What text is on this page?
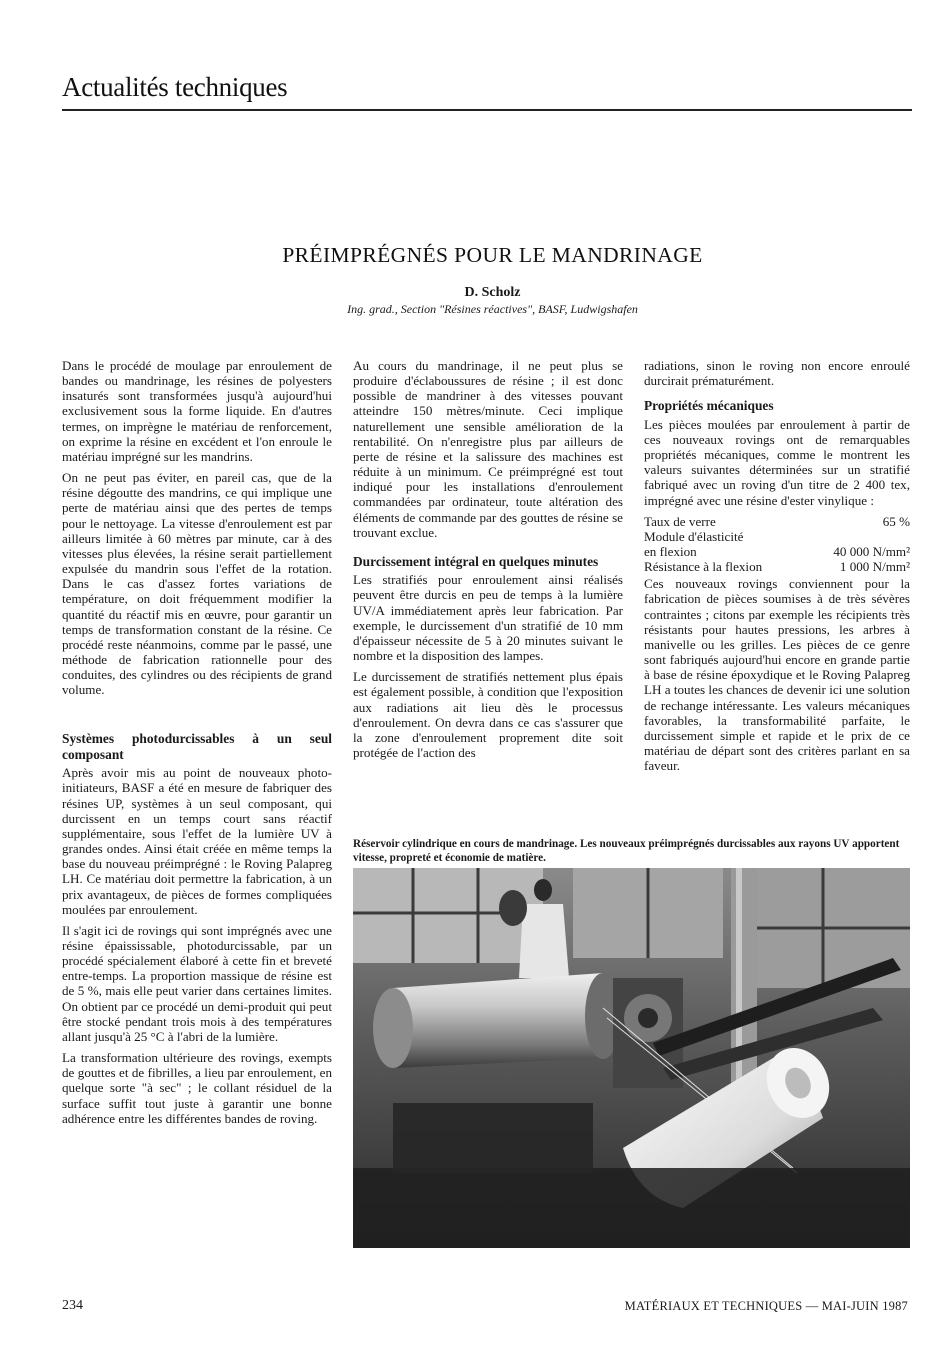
Actualités techniques
PRÉIMPRÉGNÉS POUR LE MANDRINAGE
D. Scholz
Ing. grad., Section "Résines réactives", BASF, Ludwigshafen

Dans le procédé de moulage par enroulement de bandes ou mandrinage, les résines de polyesters insaturés sont transformées jusqu'à aujourd'hui exclusivement sous la forme liquide. En d'autres termes, on imprègne le matériau de renforcement, on exprime la résine en excédent et l'on enroule le matériau imprégné sur les mandrins.

On ne peut pas éviter, en pareil cas, que de la résine dégoutte des mandrins, ce qui implique une perte de matériau ainsi que des pertes de temps pour le nettoyage. La vitesse d'enroulement est par ailleurs limitée à 60 mètres par minute, car à des vitesses plus élevées, la résine serait partiellement expulsée du mandrin sous l'effet de la rotation. Dans le cas d'assez fortes variations de température, on doit fréquemment modifier la quantité du réactif mis en œuvre, pour garantir un temps de transformation constant de la résine. Ce procédé reste néanmoins, comme par le passé, une méthode de fabrication rationnelle pour des conduites, des cylindres ou des récipients de grand volume.

Systèmes photodurcissables à un seul composant

Après avoir mis au point de nouveaux photo-initiateurs, BASF a été en mesure de fabriquer des résines UP, systèmes à un seul composant, qui durcissent en un temps court sans réactif supplémentaire, sous l'effet de la lumière UV à grandes ondes. Ainsi était créée en même temps la base du nouveau préimprégné : le Roving Palapreg LH. Ce matériau doit permettre la fabrication, à un prix avantageux, de pièces de formes compliquées moulées par enroulement.

Il s'agit ici de rovings qui sont imprégnés avec une résine épaississable, photodurcissable, par un procédé spécialement élaboré à cette fin et breveté entre-temps. La proportion massique de résine est de 5 %, mais elle peut varier dans certaines limites. On obtient par ce procédé un demi-produit qui peut être stocké pendant trois mois à des températures allant jusqu'à 25 °C à l'abri de la lumière.

La transformation ultérieure des rovings, exempts de gouttes et de fibrilles, a lieu par enroulement, en quelque sorte "à sec" ; le collant résiduel de la surface suffit tout juste à garantir une bonne adhérence entre les différentes bandes de roving.

Au cours du mandrinage, il ne peut plus se produire d'éclaboussures de résine ; il est donc possible de mandriner à des vitesses pouvant atteindre 150 mètres/minute. Ceci implique naturellement une sensible amélioration de la rentabilité. On n'enregistre plus par ailleurs de perte de résine et la salissure des machines est réduite à un minimum. Ce préimprégné est tout indiqué pour les installations d'enroulement commandées par ordinateur, toute altération des éléments de commande par des gouttes de résine se trouvant exclue.

Durcissement intégral en quelques minutes

Les stratifiés pour enroulement ainsi réalisés peuvent être durcis en peu de temps à la lumière UV/A immédiatement après leur fabrication. Par exemple, le durcissement d'un stratifié de 10 mm d'épaisseur nécessite de 5 à 20 minutes suivant le nombre et la disposition des lampes.

Le durcissement de stratifiés nettement plus épais est également possible, à condition que l'exposition aux radiations ait lieu dès le processus d'enroulement. On devra dans ce cas s'assurer que la zone d'enroulement proprement dite soit protégée de l'action des

radiations, sinon le roving non encore enroulé durcirait prématurément.

Propriétés mécaniques

Les pièces moulées par enroulement à partir de ces nouveaux rovings ont de remarquables propriétés mécaniques, comme le montrent les valeurs suivantes déterminées sur un stratifié fabriqué avec un roving d'un titre de 2 400 tex, imprégné avec une résine d'ester vinylique :

Taux de verre	65 %
Module d'élasticité	
en flexion	40 000 N/mm²
Résistance à la flexion	1 000 N/mm²

Ces nouveaux rovings conviennent pour la fabrication de pièces soumises à de très sévères contraintes ; citons par exemple les récipients très résistants pour hautes pressions, les arbres à manivelle ou les grilles. Les pièces de ce genre sont fabriqués aujourd'hui encore en grande partie à base de résine époxydique et le Roving Palapreg LH a toutes les chances de devenir ici une solution de rechange intéressante. Les valeurs mécaniques favorables, la transformabilité parfaite, le durcissement simple et rapide et le prix de ce matériau de départ sont des critères parlant en sa faveur.

Réservoir cylindrique en cours de mandrinage. Les nouveaux préimprégnés durcissables aux rayons UV apportent vitesse, propreté et économie de matière.
234	MATÉRIAUX ET TECHNIQUES — MAI-JUIN 1987
